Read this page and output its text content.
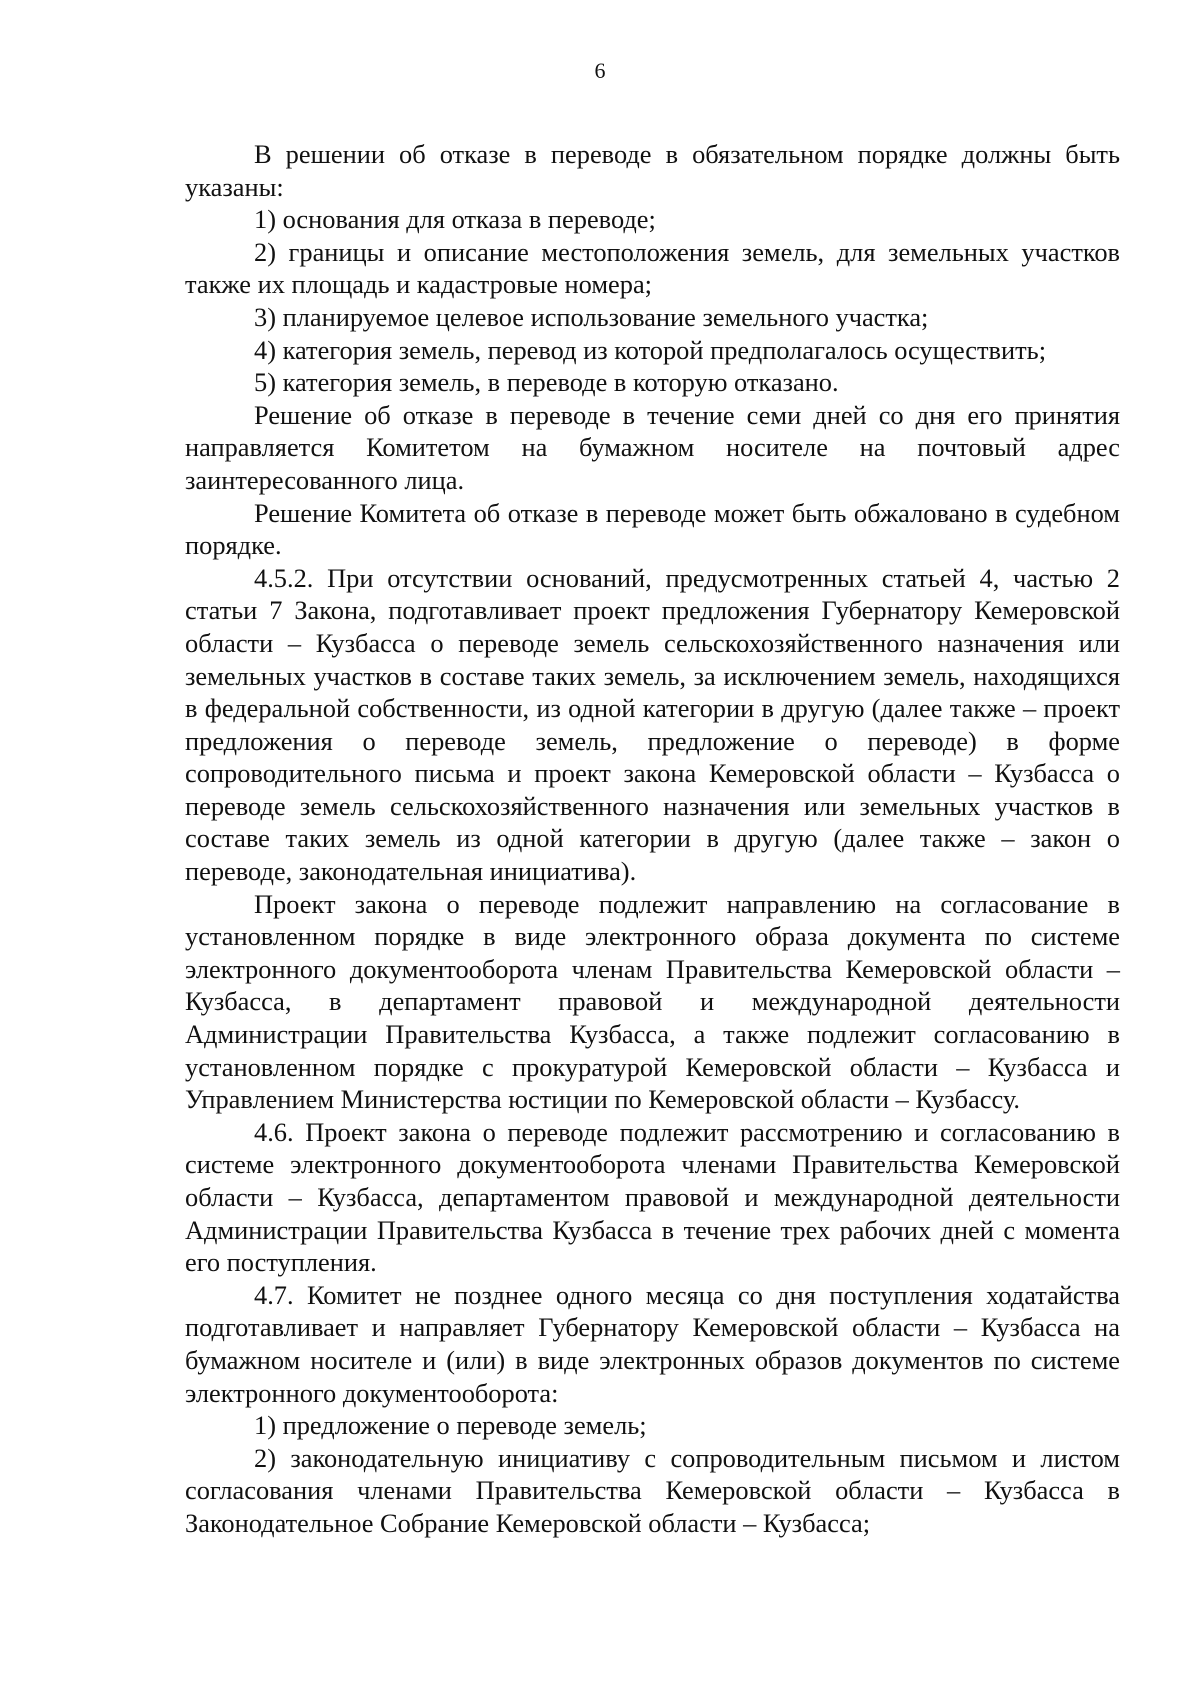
6

В решении об отказе в переводе в обязательном порядке должны быть указаны:

1) основания для отказа в переводе;

2) границы и описание местоположения земель, для земельных участков также их площадь и кадастровые номера;

3) планируемое целевое использование земельного участка;

4) категория земель, перевод из которой предполагалось осуществить;

5) категория земель, в переводе в которую отказано.

Решение об отказе в переводе в течение семи дней со дня его принятия направляется Комитетом на бумажном носителе на почтовый адрес заинтересованного лица.

Решение Комитета об отказе в переводе может быть обжаловано в судебном порядке.

4.5.2. При отсутствии оснований, предусмотренных статьей 4, частью 2 статьи 7 Закона, подготавливает проект предложения Губернатору Кемеровской области – Кузбасса о переводе земель сельскохозяйственного назначения или земельных участков в составе таких земель, за исключением земель, находящихся в федеральной собственности, из одной категории в другую (далее также – проект предложения о переводе земель, предложение о переводе) в форме сопроводительного письма и проект закона Кемеровской области – Кузбасса о переводе земель сельскохозяйственного назначения или земельных участков в составе таких земель из одной категории в другую (далее также – закон о переводе, законодательная инициатива).

Проект закона о переводе подлежит направлению на согласование в установленном порядке в виде электронного образа документа по системе электронного документооборота членам Правительства Кемеровской области – Кузбасса, в департамент правовой и международной деятельности Администрации Правительства Кузбасса, а также подлежит согласованию в установленном порядке с прокуратурой Кемеровской области – Кузбасса и Управлением Министерства юстиции по Кемеровской области – Кузбассу.

4.6. Проект закона о переводе подлежит рассмотрению и согласованию в системе электронного документооборота членами Правительства Кемеровской области – Кузбасса, департаментом правовой и международной деятельности Администрации Правительства Кузбасса в течение трех рабочих дней с момента его поступления.

4.7. Комитет не позднее одного месяца со дня поступления ходатайства подготавливает и направляет Губернатору Кемеровской области – Кузбасса на бумажном носителе и (или) в виде электронных образов документов по системе электронного документооборота:

1) предложение о переводе земель;

2) законодательную инициативу с сопроводительным письмом и листом согласования членами Правительства Кемеровской области – Кузбасса в Законодательное Собрание Кемеровской области – Кузбасса;
